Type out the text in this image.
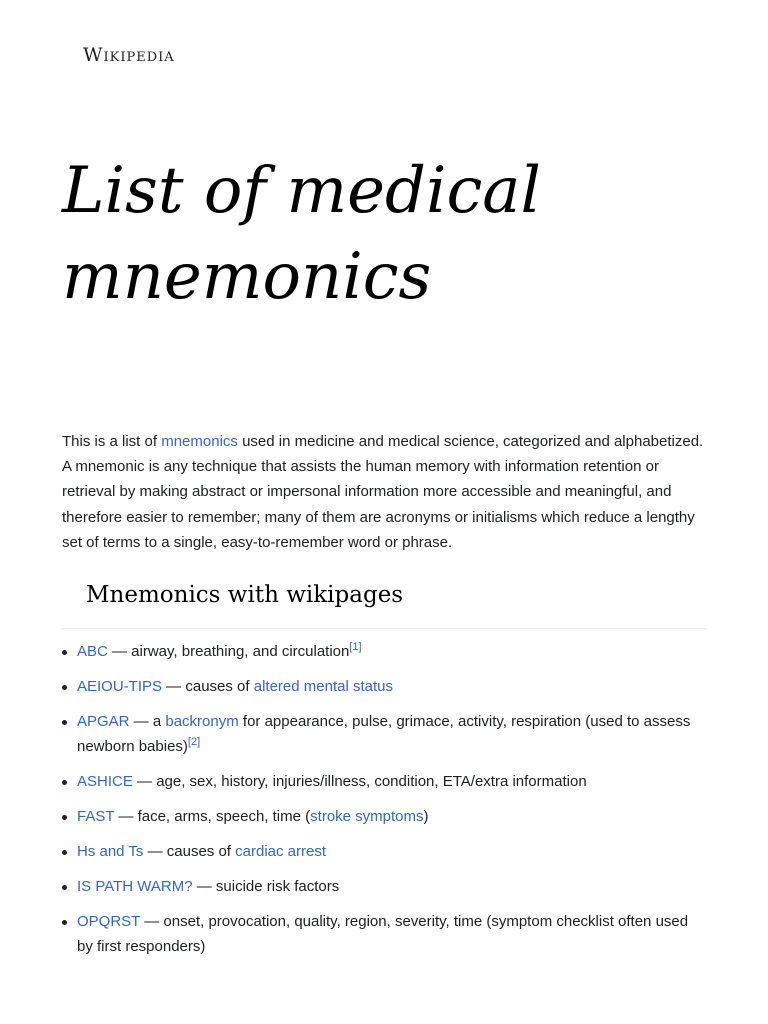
Wikipedia
List of medical mnemonics

This is a list of mnemonics used in medicine and medical science, categorized and alphabetized. A mnemonic is any technique that assists the human memory with information retention or retrieval by making abstract or impersonal information more accessible and meaningful, and therefore easier to remember; many of them are acronyms or initialisms which reduce a lengthy set of terms to a single, easy-to-remember word or phrase.

Mnemonics with wikipages
ABC — airway, breathing, and circulation[1]
AEIOU-TIPS — causes of altered mental status
APGAR — a backronym for appearance, pulse, grimace, activity, respiration (used to assess newborn babies)[2]
ASHICE — age, sex, history, injuries/illness, condition, ETA/extra information
FAST — face, arms, speech, time (stroke symptoms)
Hs and Ts — causes of cardiac arrest
IS PATH WARM? — suicide risk factors
OPQRST — onset, provocation, quality, region, severity, time (symptom checklist often used by first responders)
